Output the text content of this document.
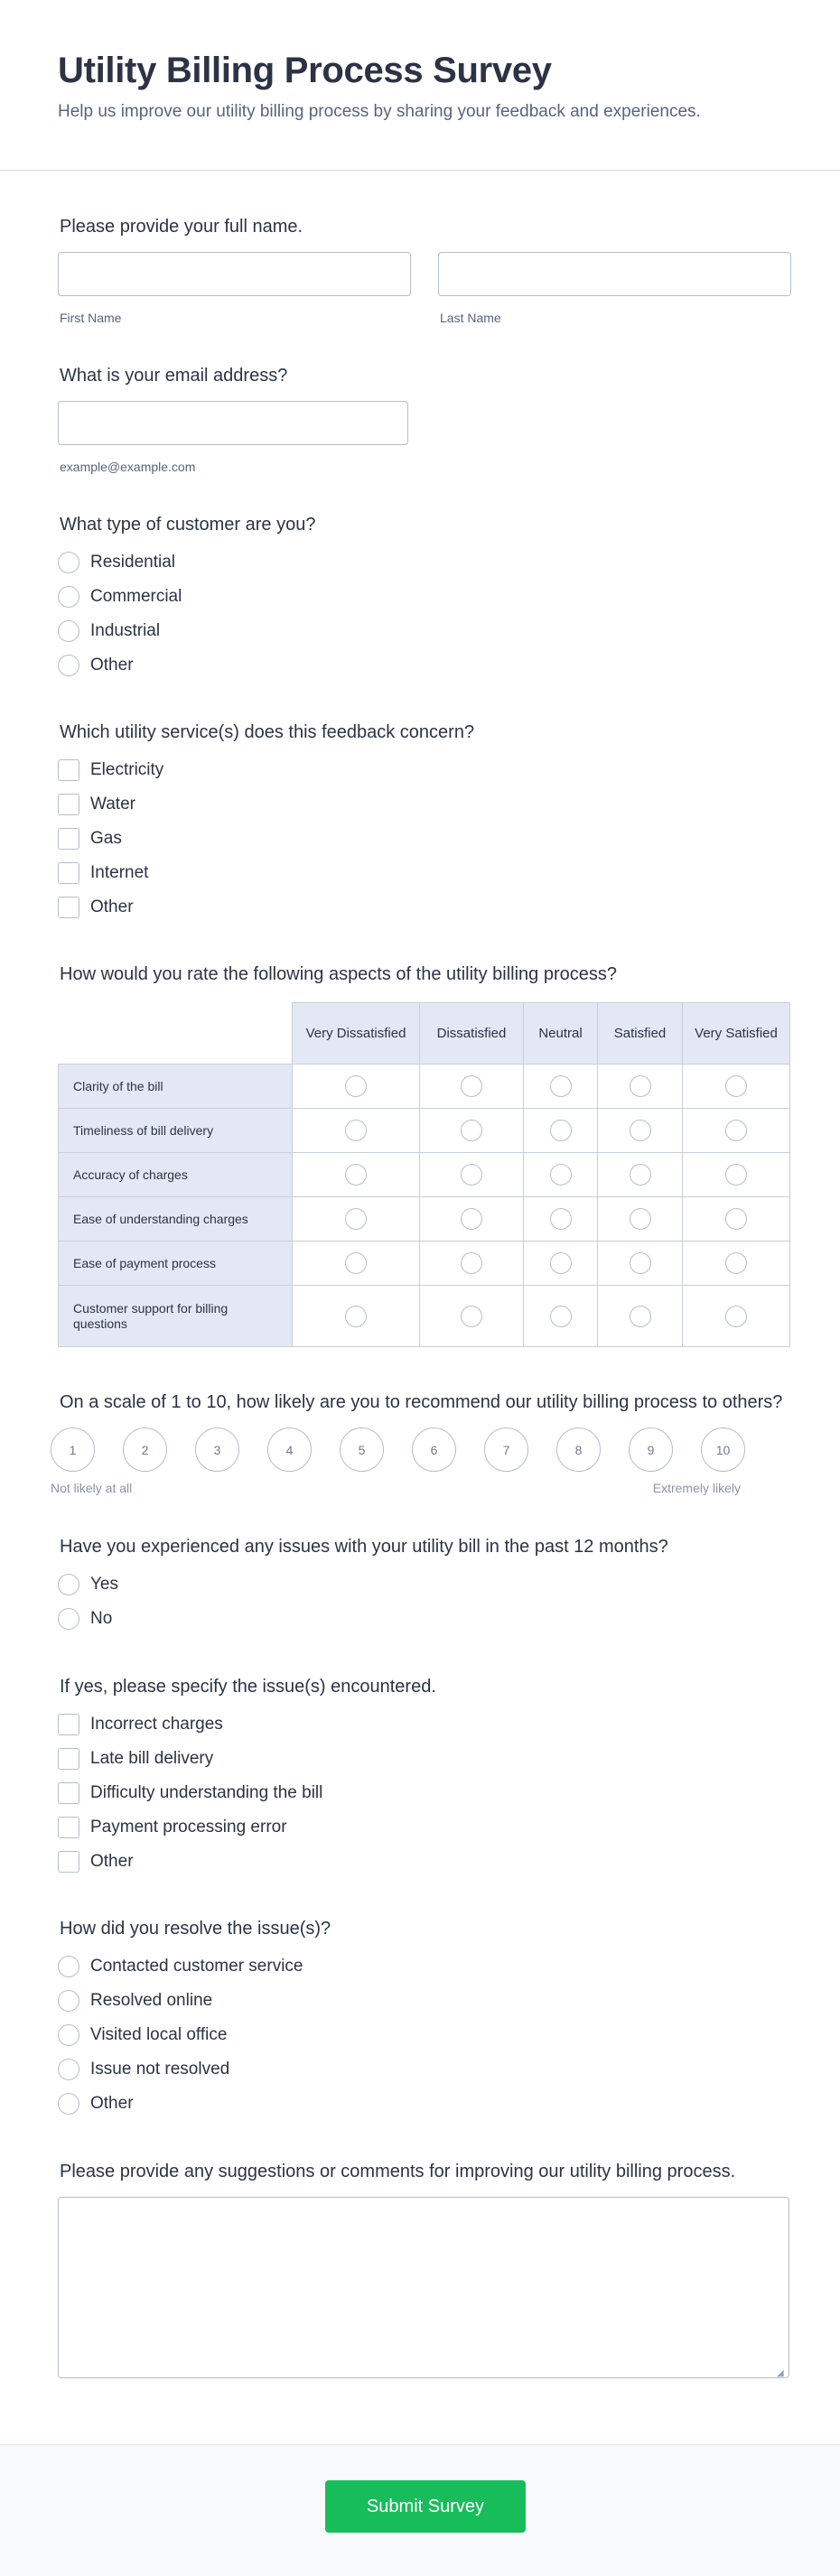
Utility Billing Process Survey

Help us improve our utility billing process by sharing your feedback and experiences.

Please provide your full name.
First Name	Last Name
What is your email address?
example@example.com
What type of customer are you?
Residential
Commercial
Industrial
Other
Which utility service(s) does this feedback concern?
Electricity
Water
Gas
Internet
Other
How would you rate the following aspects of the utility billing process?
	Very Dissatisfied	Dissatisfied	Neutral	Satisfied	Very Satisfied
Clarity of the bill					
Timeliness of bill delivery					
Accuracy of charges					
Ease of understanding charges					
Ease of payment process					
Customer support for billing questions					
On a scale of 1 to 10, how likely are you to recommend our utility billing process to others?
1	2	3	4	5	6	7	8	9	10
Not likely at all	Extremely likely
Have you experienced any issues with your utility bill in the past 12 months?
Yes
No
If yes, please specify the issue(s) encountered.
Incorrect charges
Late bill delivery
Difficulty understanding the bill
Payment processing error
Other
How did you resolve the issue(s)?
Contacted customer service
Resolved online
Visited local office
Issue not resolved
Other
Please provide any suggestions or comments for improving our utility billing process.
◢
Submit Survey
